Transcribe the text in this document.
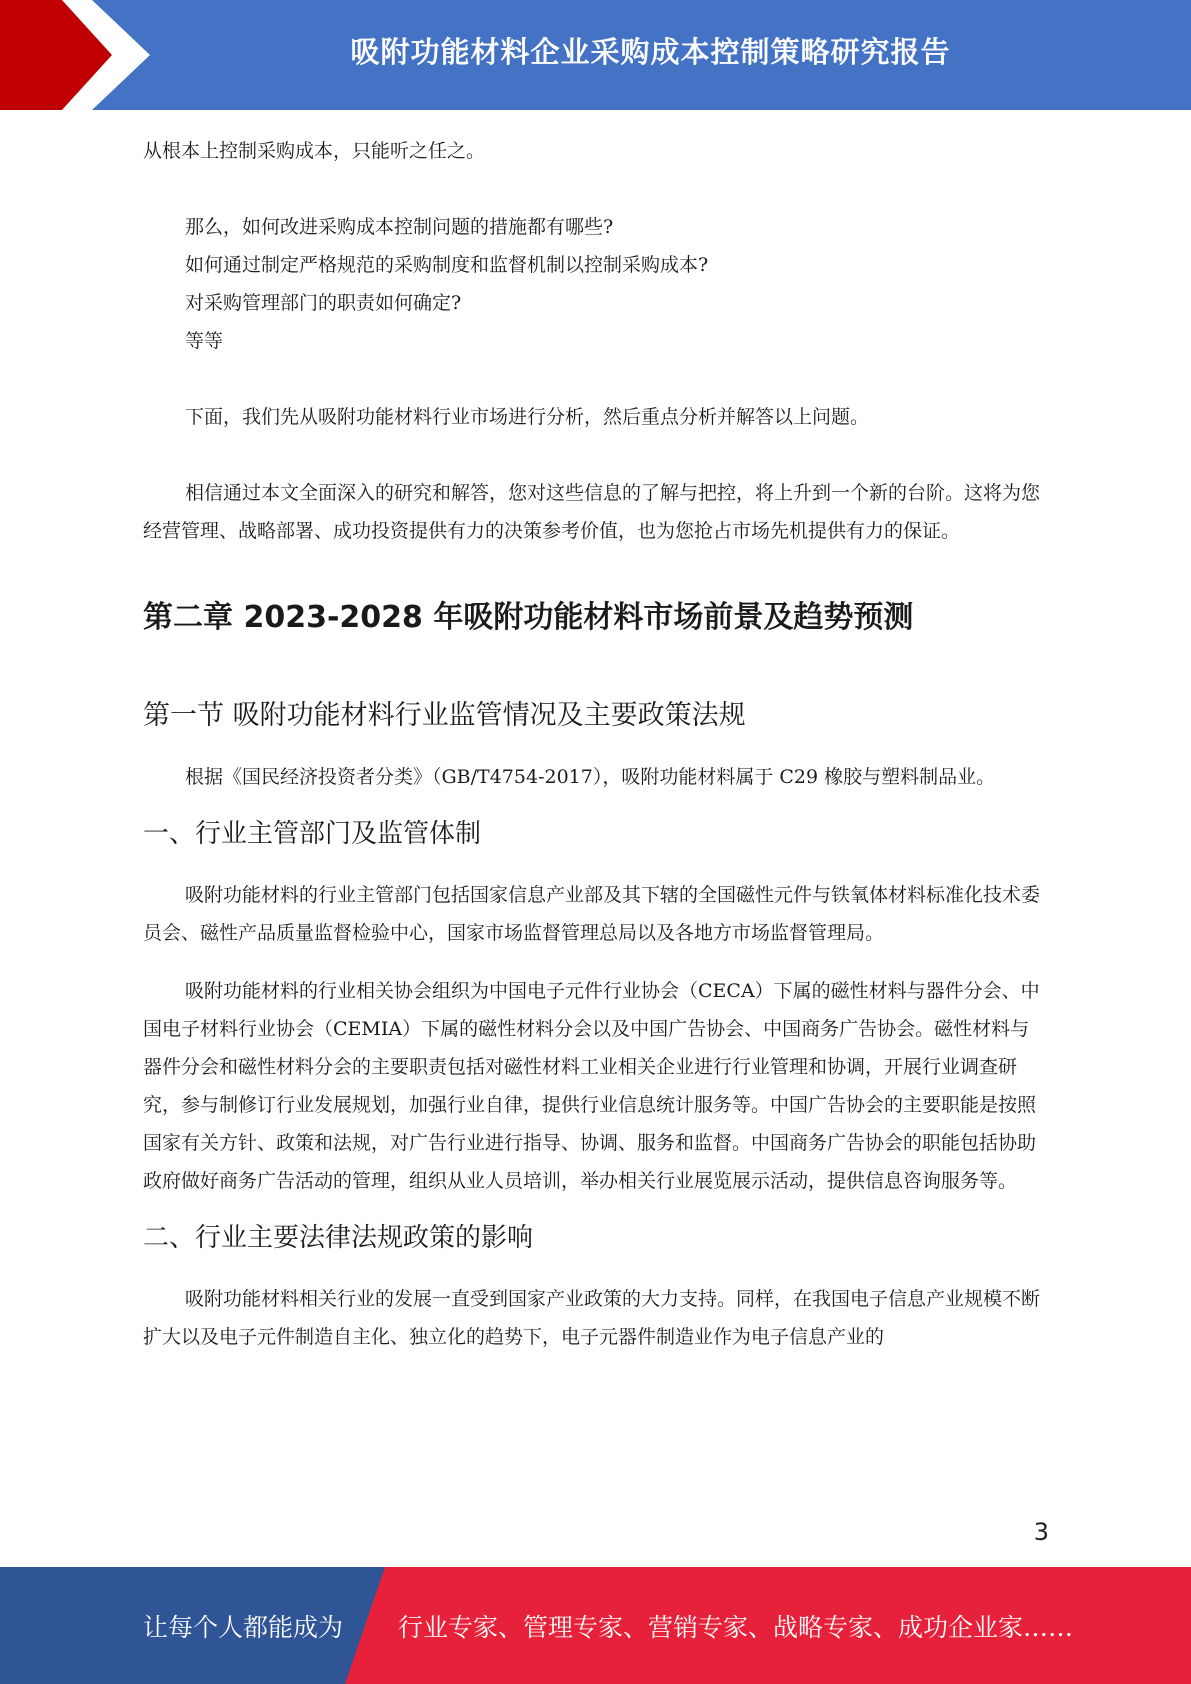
吸附功能材料企业采购成本控制策略研究报告

从根本上控制采购成本，只能听之任之。

那么，如何改进采购成本控制问题的措施都有哪些?

如何通过制定严格规范的采购制度和监督机制以控制采购成本?

对采购管理部门的职责如何确定?

等等

下面，我们先从吸附功能材料行业市场进行分析，然后重点分析并解答以上问题。

相信通过本文全面深入的研究和解答，您对这些信息的了解与把控，将上升到一个新的台阶。这将为您经营管理、战略部署、成功投资提供有力的决策参考价值，也为您抢占市场先机提供有力的保证。

第二章 2023-2028 年吸附功能材料市场前景及趋势预测
第一节 吸附功能材料行业监管情况及主要政策法规

根据《国民经济投资者分类》（GB/T4754-2017），吸附功能材料属于 C29 橡胶与塑料制品业。

一、行业主管部门及监管体制

吸附功能材料的行业主管部门包括国家信息产业部及其下辖的全国磁性元件与铁氧体材料标准化技术委员会、磁性产品质量监督检验中心，国家市场监督管理总局以及各地方市场监督管理局。

吸附功能材料的行业相关协会组织为中国电子元件行业协会（CECA）下属的磁性材料与器件分会、中国电子材料行业协会（CEMIA）下属的磁性材料分会以及中国广告协会、中国商务广告协会。磁性材料与器件分会和磁性材料分会的主要职责包括对磁性材料工业相关企业进行行业管理和协调，开展行业调查研究，参与制修订行业发展规划，加强行业自律，提供行业信息统计服务等。中国广告协会的主要职能是按照国家有关方针、政策和法规，对广告行业进行指导、协调、服务和监督。中国商务广告协会的职能包括协助政府做好商务广告活动的管理，组织从业人员培训，举办相关行业展览展示活动，提供信息咨询服务等。

二、行业主要法律法规政策的影响

吸附功能材料相关行业的发展一直受到国家产业政策的大力支持。同样，在我国电子信息产业规模不断扩大以及电子元件制造自主化、独立化的趋势下，电子元器件制造业作为电子信息产业的

3
让每个人都能成为 行业专家、管理专家、营销专家、战略专家、成功企业家……
